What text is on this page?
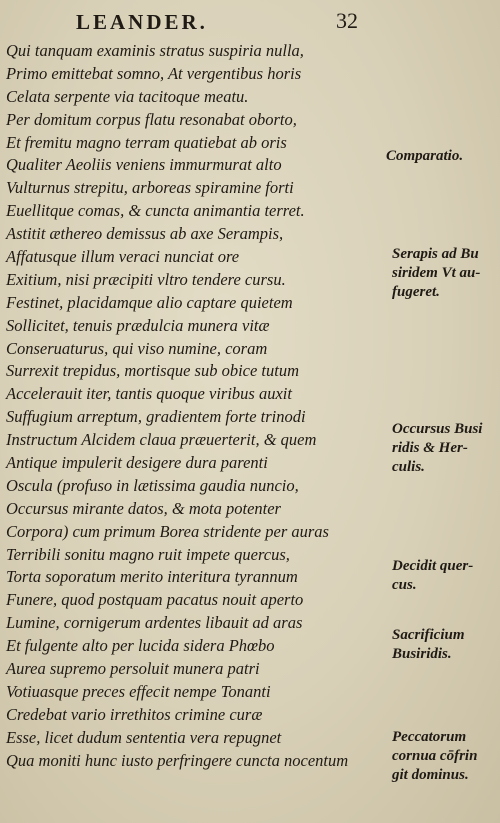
LEANDER.	32
Qui tanquam examinis stratus suspiria nulla,
Primo emittebat somno, At vergentibus horis
Celata serpente via tacitoque meatu.
Per domitum corpus flatu resonabat oborto,
Et fremitu magno terram quatiebat ab oris
Qualiter Aeoliis veniens immurmurat alto
Vulturnus strepitu, arboreas spiramine forti
Euellitque comas, & cuncta animantia terret.
Astitit æthereo demissus ab axe Serampis,
Affatusque illum veraci nunciat ore
Exitium, nisi præcipiti vltro tendere cursu.
Festinet, placidamque alio captare quietem
Sollicitet, tenuis prædulcia munera vitæ
Conseruaturus, qui viso numine, coram
Surrexit trepidus, mortisque sub obice tutum
Accelerauit iter, tantis quoque viribus auxit
Suffugium arreptum, gradientem forte trinodi
Instructum Alcidem claua præuerterit, & quem
Antique impulerit desigere dura parenti
Oscula (profuso in lætissima gaudia nuncio,
Occursus mirante datos, & mota potenter
Corpora) cum primum Borea stridente per auras
Terribili sonitu magno ruit impete quercus,
Torta soporatum merito interitura tyrannum
Funere, quod postquam pacatus nouit aperto
Lumine, cornigerum ardentes libauit ad aras
Et fulgente alto per lucida sidera Phœbo
Aurea supremo persoluit munera patri
Votiuasque preces effecit nempe Tonanti
Credebat vario irrethitos crimine curæ
Esse, licet dudum sententia vera repugnet
Qua moniti hunc iusto perfringere cuncta nocentum
Comparatio.
Serapis ad Bu
siridem Vt au-
fugeret.
Occursus Busi
ridis & Her-
culis.
Decidit quer-
cus.
Sacrificium
Busiridis.
Peccatorum
cornua cōfrin
git dominus.
